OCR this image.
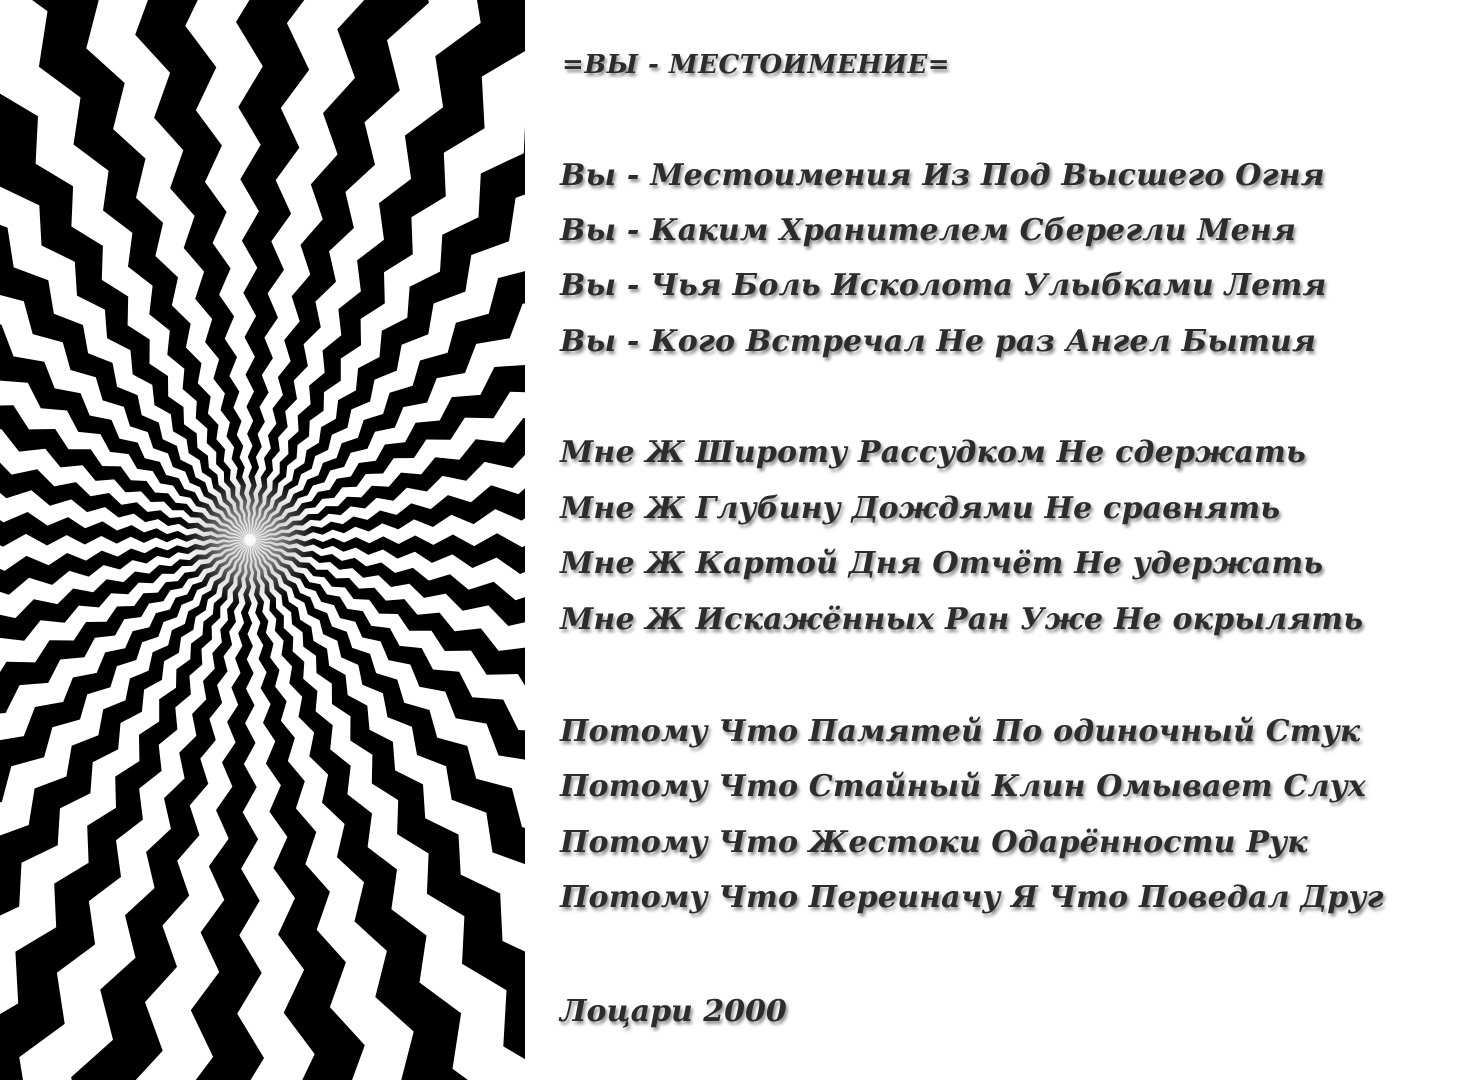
=ВЫ - МЕСТОИМЕНИЕ=
Вы - Местоимения Из Под Высшего Огня
Вы - Каким Хранителем Сберегли Меня
Вы - Чья Боль Исколота Улыбками Летя
Вы - Кого Встречал Не раз Ангел Бытия
Мне Ж Широту Рассудком Не сдержать
Мне Ж Глубину Дождями Не сравнять
Мне Ж Картой Дня Отчёт Не удержать
Мне Ж Искажённых Ран Уже Не окрылять
Потому Что Памятей По одиночный Стук
Потому Что Стайный Клин Омывает Слух
Потому Что Жестоки Одарённости Рук
Потому Что Переиначу Я Что Поведал Друг
Лоцари 2000
